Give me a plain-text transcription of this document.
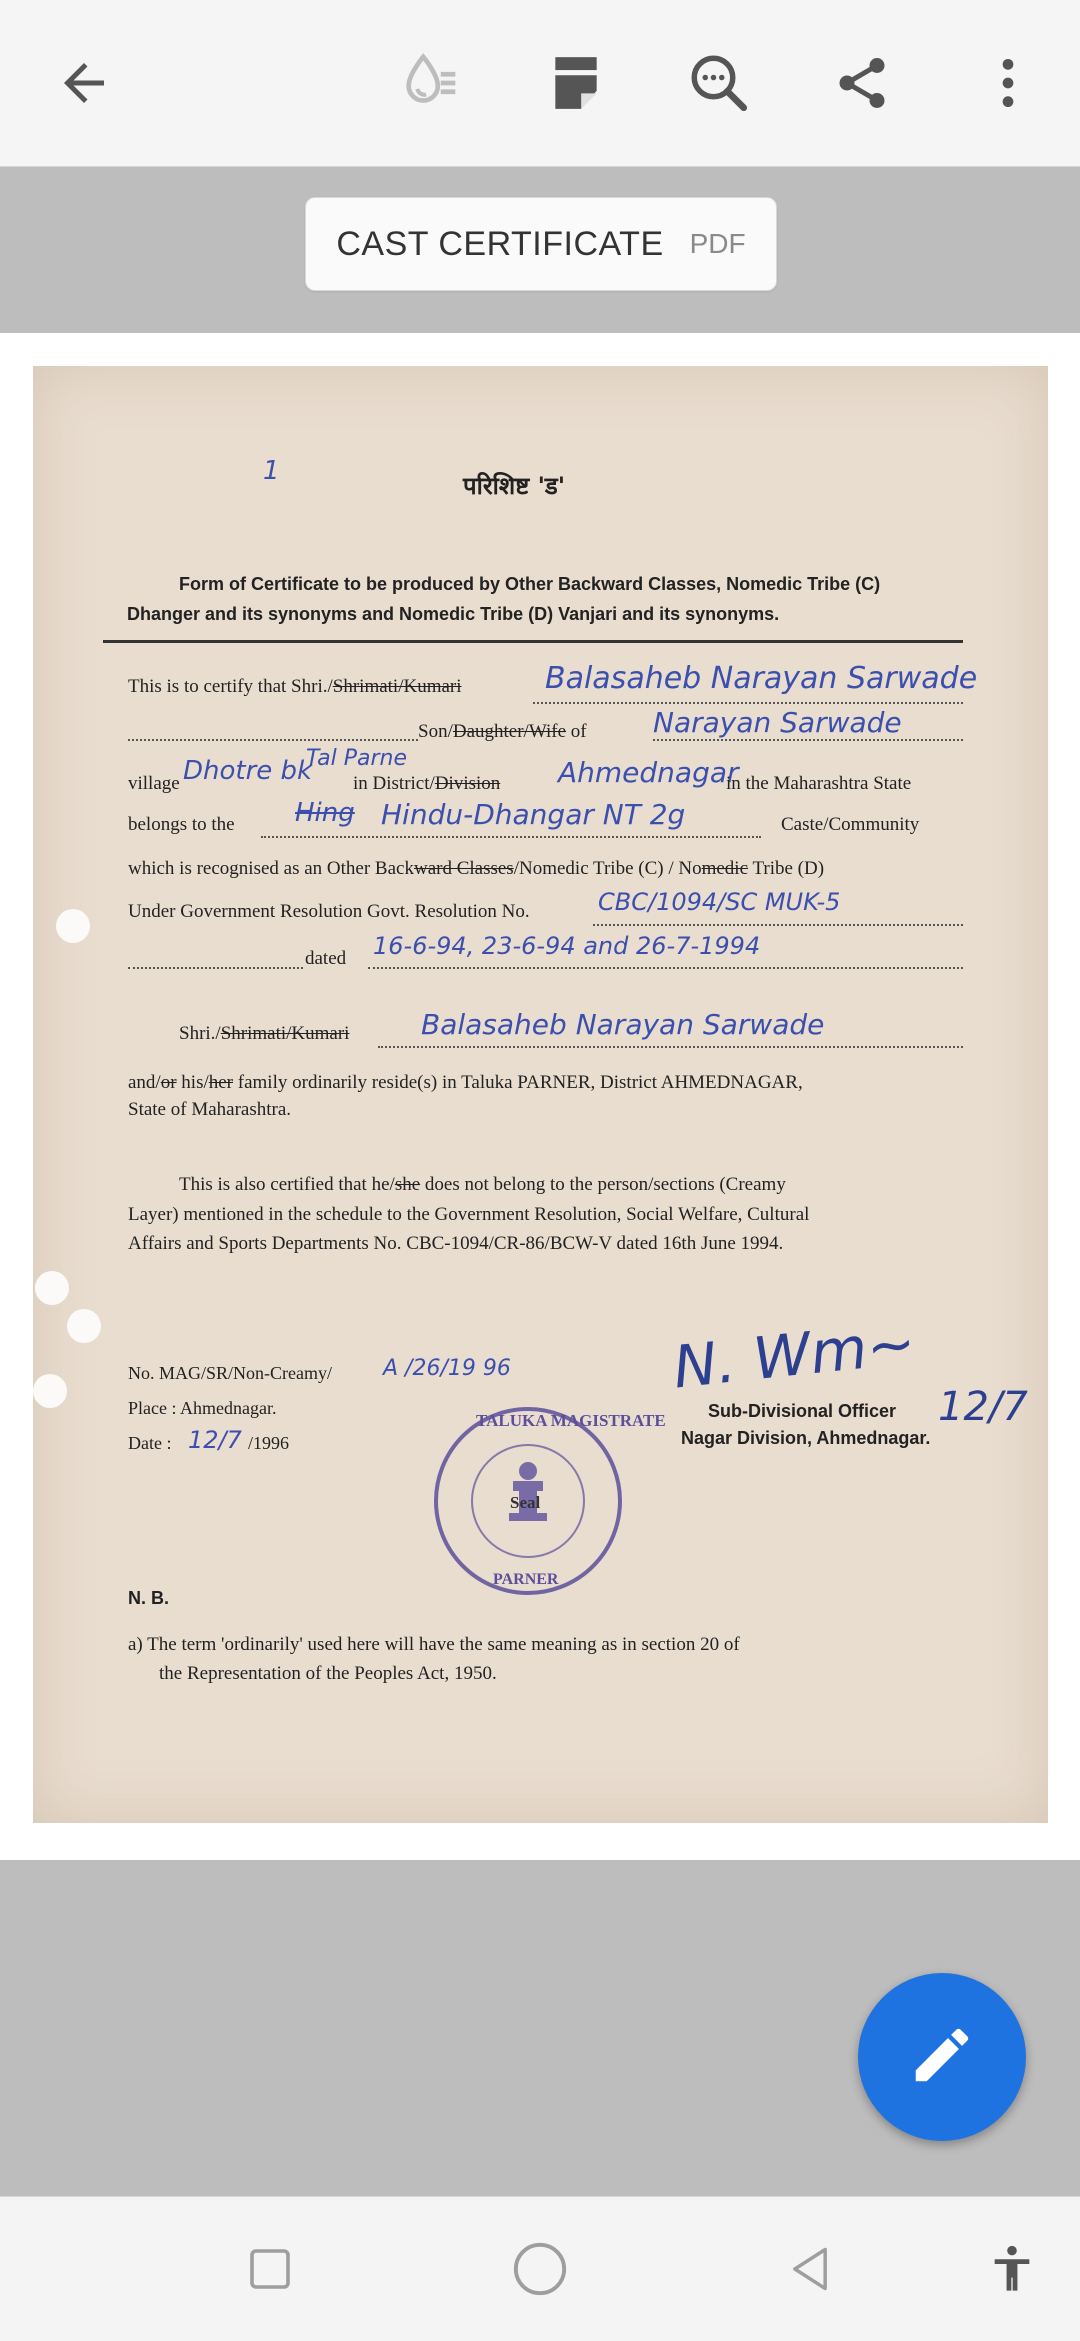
CAST CERTIFICATE PDF
1	परिशिष्ट 'ड'
Form of Certificate to be produced by Other Backward Classes, Nomedic Tribe (C)
Dhanger and its synonyms and Nomedic Tribe (D) Vanjari and its synonyms.
This is to certify that Shri./Shrimati/Kumari	Balasaheb Narayan Sarwade
Son/Daughter/Wife of Narayan Sarwade
village Dhotre bk
Tal Parne
in District/Division Ahmednagar
in the Maharashtra State
belongs to the Hing Hindu-Dhangar NT 2g	Caste/Community
which is recognised as an Other Backward Classes/Nomedic Tribe (C) / Nomedic Tribe (D)
Under Government Resolution Govt. Resolution No.	CBC/1094/SC MUK-5
dated 16-6-94, 23-6-94 and 26-7-1994
Shri./Shrimati/Kumari	Balasaheb Narayan Sarwade
and/or his/her family ordinarily reside(s) in Taluka PARNER, District AHMEDNAGAR,
State of Maharashtra.
This is also certified that he/she does not belong to the person/sections (Creamy
Layer) mentioned in the schedule to the Government Resolution, Social Welfare, Cultural
Affairs and Sports Departments No. CBC-1094/CR-86/BCW-V dated 16th June 1994.
No. MAG/SR/Non-Creamy/ A /26/19 96
Place : Ahmednagar.
Date : 12/7 /1996
N. Wm~
12/7
Sub-Divisional Officer
Nagar Division, Ahmednagar.
TALUKA MAGISTRATE
Seal
PARNER
N. B.
a) The term 'ordinarily' used here will have the same meaning as in section 20 of
the Representation of the Peoples Act, 1950.
